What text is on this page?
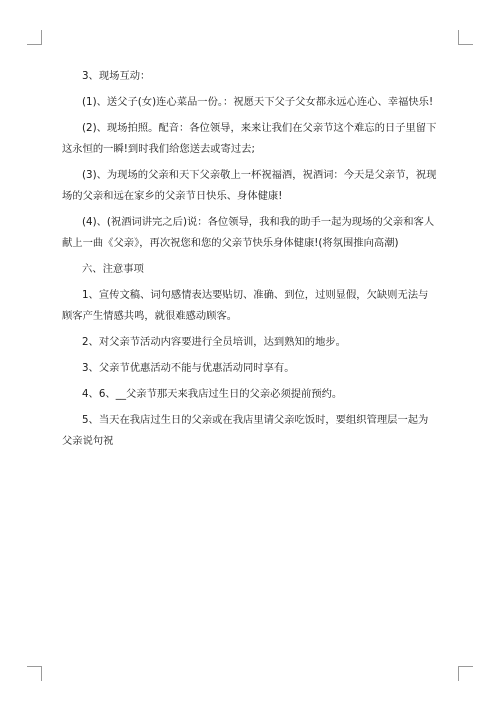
3、现场互动：

(1)、送父子(女)连心菜品一份。：祝愿天下父子父女都永远心连心、幸福快乐!

(2)、现场拍照。配音：各位领导，来来让我们在父亲节这个难忘的日子里留下这永恒的一瞬!到时我们给您送去或寄过去;

(3)、为现场的父亲和天下父亲敬上一杯祝福酒，祝酒词：今天是父亲节，祝现场的父亲和远在家乡的父亲节日快乐、身体健康!

(4)、(祝酒词讲完之后)说：各位领导，我和我的助手一起为现场的父亲和客人献上一曲《父亲》，再次祝您和您的父亲节快乐身体健康!(将氛围推向高潮)

六、注意事项

1、宣传文稿、词句感情表达要贴切、准确、到位，过则显假，欠缺则无法与顾客产生情感共鸣，就很难感动顾客。

2、对父亲节活动内容要进行全员培训，达到熟知的地步。

3、父亲节优惠活动不能与优惠活动同时享有。

4、6、__父亲节那天来我店过生日的父亲必须提前预约。

5、当天在我店过生日的父亲或在我店里请父亲吃饭时，要组织管理层一起为父亲说句祝
